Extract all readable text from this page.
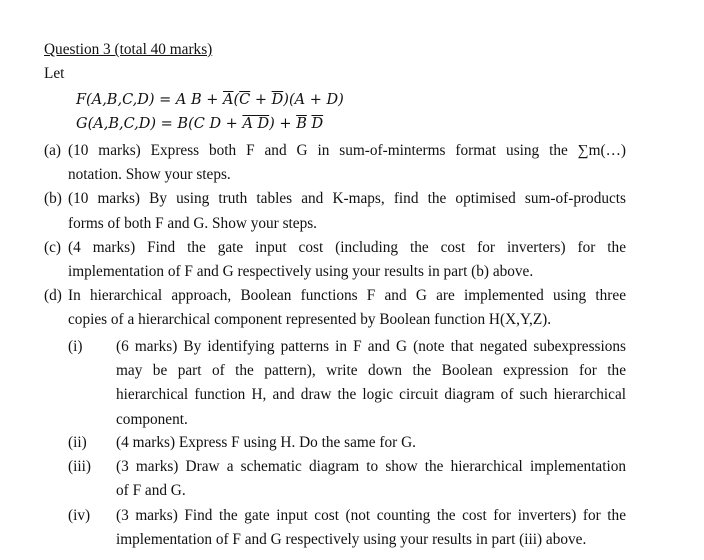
Question 3 (total 40 marks)
Let
F(A,B,C,D) = A $B + \overline{A}(\overline{C} + \overline{D})(A + D)$
G(A,B,C,D) = B(C D + A $D) + \overline{B}$ $\overline{D}$
(a) (10 marks) Express both F and G in sum-of-minterms format using the ∑m(…)
notation. Show your steps.
(b) (10 marks) By using truth tables and K-maps, find the optimised sum-of-products
forms of both F and G. Show your steps.
(c) (4 marks) Find the gate input cost (including the cost for inverters) for the
implementation of F and G respectively using your results in part (b) above.
(d) In hierarchical approach, Boolean functions F and G are implemented using three
copies of a hierarchical component represented by Boolean function H(X,Y,Z).
(i) (6 marks) By identifying patterns in F and G (note that negated subexpressions
may be part of the pattern), write down the Boolean expression for the
hierarchical function H, and draw the logic circuit diagram of such hierarchical
component.
(ii) (4 marks) Express F using H. Do the same for G.
(iii) (3 marks) Draw a schematic diagram to show the hierarchical implementation
of F and G.
(iv) (3 marks) Find the gate input cost (not counting the cost for inverters) for the
implementation of F and G respectively using your results in part (iii) above.
